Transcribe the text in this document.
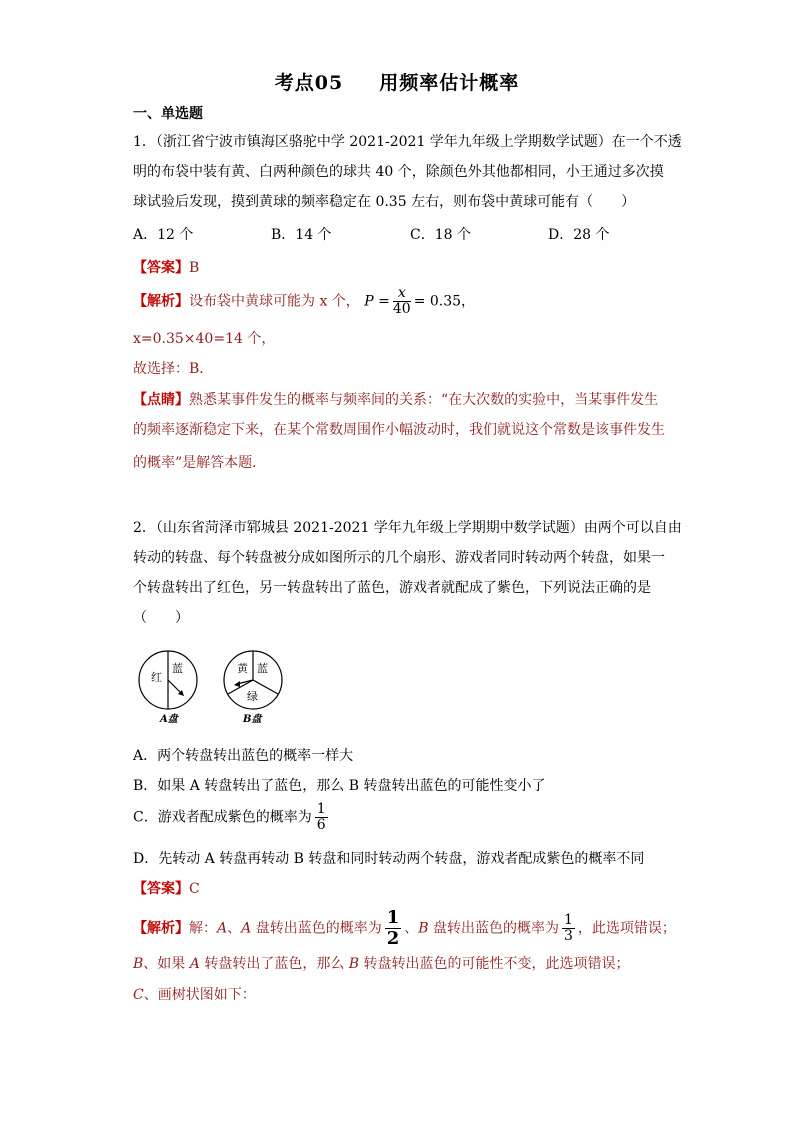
考点05 用频率估计概率
一、单选题
1．（浙江省宁波市镇海区骆驼中学 2021-2021 学年九年级上学期数学试题）在一个不透
明的布袋中装有黄、白两种颜色的球共 40 个，除颜色外其他都相同，小王通过多次摸
球试验后发现，摸到黄球的频率稳定在 0.35 左右，则布袋中黄球可能有（　　）
A．12 个	B．14 个	C．18 个	D．28 个
【答案】B
【解析】设布袋中黄球可能为 x 个， $P = \frac{x}{40} = 0.35$，
x=0.35×40=14 个，
故选择：B．
【点睛】熟悉某事件发生的概率与频率间的关系：“在大次数的实验中，当某事件发生
的频率逐渐稳定下来，在某个常数周围作小幅波动时，我们就说这个常数是该事件发生
的概率”是解答本题．
2．（山东省菏泽市郓城县 2021-2021 学年九年级上学期期中数学试题）由两个可以自由
转动的转盘、每个转盘被分成如图所示的几个扇形、游戏者同时转动两个转盘，如果一
个转盘转出了红色，另一转盘转出了蓝色，游戏者就配成了紫色，下列说法正确的是
（　　）
红
蓝
A盘
黄 蓝
绿
B盘
A．两个转盘转出蓝色的概率一样大
B．如果 A 转盘转出了蓝色，那么 B 转盘转出蓝色的可能性变小了
C．游戏者配成紫色的概率为 $\frac{1}{6}$
D．先转动 A 转盘再转动 B 转盘和同时转动两个转盘，游戏者配成紫色的概率不同
【答案】C
【解析】解：A、A 盘转出蓝色的概率为 $\frac{1}{2}$ 、B 盘转出蓝色的概率为 $\frac{1}{3}$ ，此选项错误；
B、如果 A 转盘转出了蓝色，那么 B 转盘转出蓝色的可能性不变，此选项错误；
C、画树状图如下：
